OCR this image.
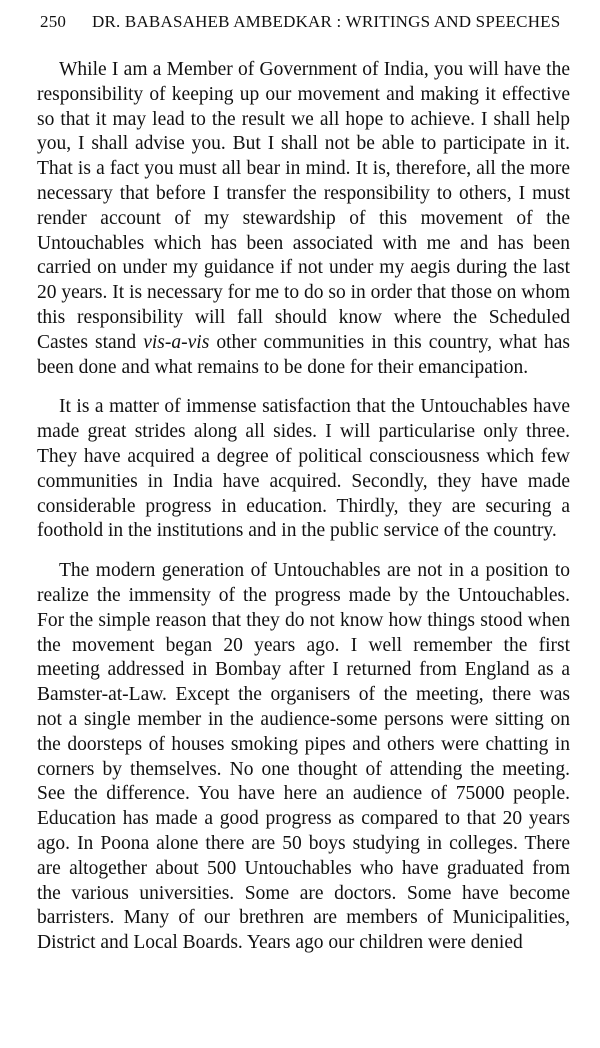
250	DR. BABASAHEB AMBEDKAR : WRITINGS AND SPEECHES

While I am a Member of Government of India, you will have the responsibility of keeping up our movement and making it effective so that it may lead to the result we all hope to achieve. I shall help you, I shall advise you. But I shall not be able to participate in it. That is a fact you must all bear in mind. It is, therefore, all the more necessary that before I transfer the responsibility to others, I must render account of my stewardship of this movement of the Untouchables which has been associated with me and has been carried on under my guidance if not under my aegis during the last 20 years. It is necessary for me to do so in order that those on whom this responsibility will fall should know where the Scheduled Castes stand vis-a-vis other communities in this country, what has been done and what remains to be done for their emancipation.

It is a matter of immense satisfaction that the Untouchables have made great strides along all sides. I will particularise only three. They have acquired a degree of political consciousness which few communities in India have acquired. Secondly, they have made considerable progress in education. Thirdly, they are securing a foothold in the institutions and in the public service of the country.

The modern generation of Untouchables are not in a position to realize the immensity of the progress made by the Untouchables. For the simple reason that they do not know how things stood when the movement began 20 years ago. I well remember the first meeting addressed in Bombay after I returned from England as a Bamster-at-Law. Except the organisers of the meeting, there was not a single member in the audience-some persons were sitting on the doorsteps of houses smoking pipes and others were chatting in corners by themselves. No one thought of attending the meeting. See the difference. You have here an audience of 75000 people. Education has made a good progress as compared to that 20 years ago. In Poona alone there are 50 boys studying in colleges. There are altogether about 500 Untouchables who have graduated from the various universities. Some are doctors. Some have become barristers. Many of our brethren are members of Municipalities, District and Local Boards. Years ago our children were denied
